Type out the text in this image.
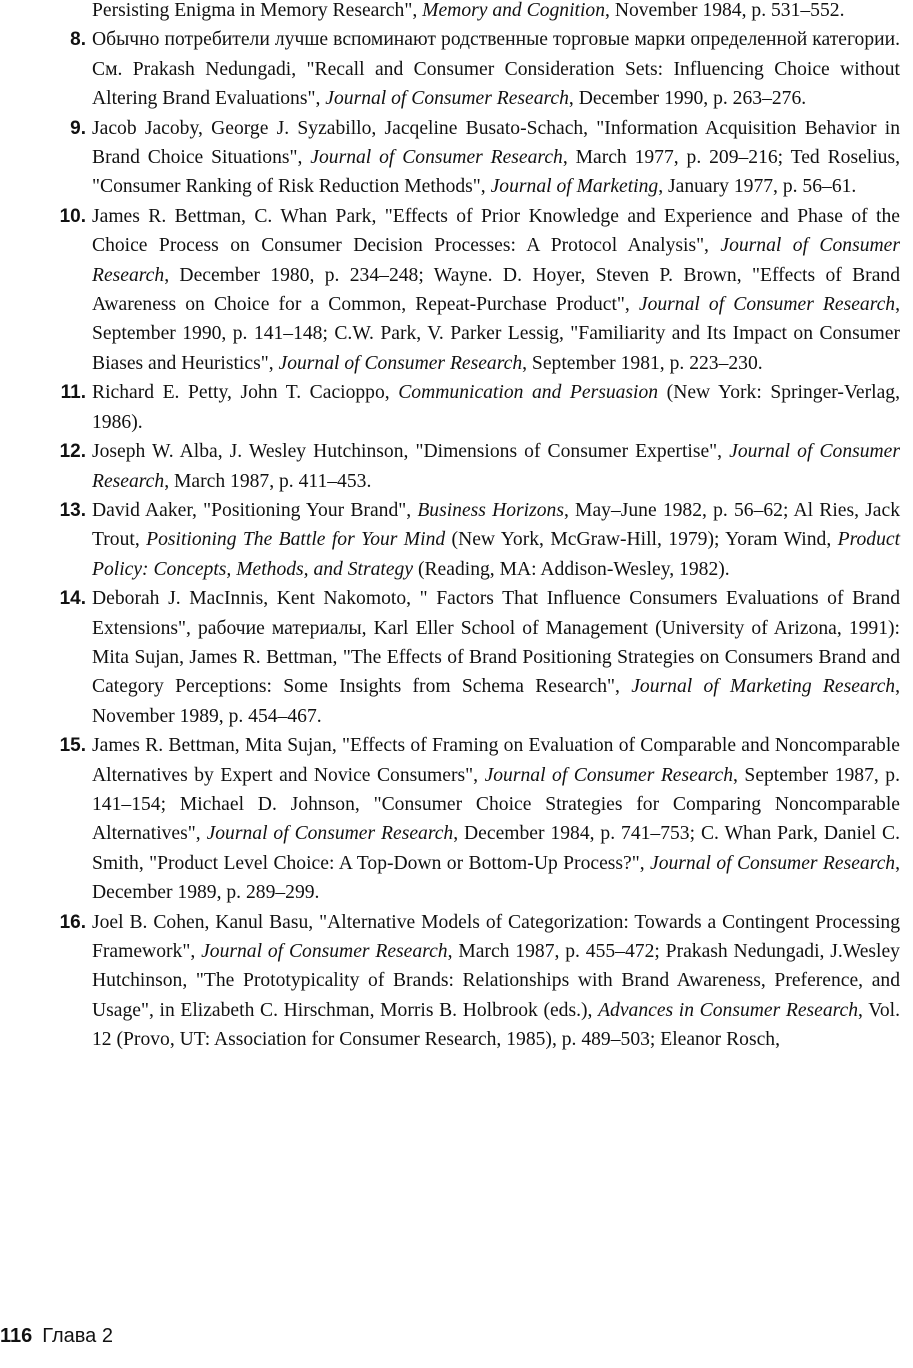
Persisting Enigma in Memory Research", Memory and Cognition, November 1984, p. 531–552.
8. Обычно потребители лучше вспоминают родственные торговые марки определенной категории. См. Prakash Nedungadi, "Recall and Consumer Consideration Sets: Influencing Choice without Altering Brand Evaluations", Journal of Consumer Research, December 1990, p. 263–276.
9. Jacob Jacoby, George J. Syzabillo, Jacqeline Busato-Schach, "Information Acquisition Behavior in Brand Choice Situations", Journal of Consumer Research, March 1977, p. 209–216; Ted Roselius, "Consumer Ranking of Risk Reduction Methods", Journal of Marketing, January 1977, p. 56–61.
10. James R. Bettman, C. Whan Park, "Effects of Prior Knowledge and Experience and Phase of the Choice Process on Consumer Decision Processes: A Protocol Analysis", Journal of Consumer Research, December 1980, p. 234–248; Wayne. D. Hoyer, Steven P. Brown, "Effects of Brand Awareness on Choice for a Common, Repeat-Purchase Product", Journal of Consumer Research, September 1990, p. 141–148; C.W. Park, V. Parker Lessig, "Familiarity and Its Impact on Consumer Biases and Heuristics", Journal of Consumer Research, September 1981, p. 223–230.
11. Richard E. Petty, John T. Cacioppo, Communication and Persuasion (New York: Springer-Verlag, 1986).
12. Joseph W. Alba, J. Wesley Hutchinson, "Dimensions of Consumer Expertise", Journal of Consumer Research, March 1987, p. 411–453.
13. David Aaker, "Positioning Your Brand", Business Horizons, May–June 1982, p. 56–62; Al Ries, Jack Trout, Positioning The Battle for Your Mind (New York, McGraw-Hill, 1979); Yoram Wind, Product Policy: Concepts, Methods, and Strategy (Reading, MA: Addison-Wesley, 1982).
14. Deborah J. MacInnis, Kent Nakomoto, " Factors That Influence Consumers Evaluations of Brand Extensions", рабочие материалы, Karl Eller School of Management (University of Arizona, 1991): Mita Sujan, James R. Bettman, "The Effects of Brand Positioning Strategies on Consumers Brand and Category Perceptions: Some Insights from Schema Research", Journal of Marketing Research, November 1989, p. 454–467.
15. James R. Bettman, Mita Sujan, "Effects of Framing on Evaluation of Comparable and Noncomparable Alternatives by Expert and Novice Consumers", Journal of Consumer Research, September 1987, p. 141–154; Michael D. Johnson, "Consumer Choice Strategies for Comparing Noncomparable Alternatives", Journal of Consumer Research, December 1984, p. 741–753; C. Whan Park, Daniel C. Smith, "Product Level Choice: A Top-Down or Bottom-Up Process?", Journal of Consumer Research, December 1989, p. 289–299.
16. Joel B. Cohen, Kanul Basu, "Alternative Models of Categorization: Towards a Contingent Processing Framework", Journal of Consumer Research, March 1987, p. 455–472; Prakash Nedungadi, J.Wesley Hutchinson, "The Prototypicality of Brands: Relationships with Brand Awareness, Preference, and Usage", in Elizabeth C. Hirschman, Morris B. Holbrook (eds.), Advances in Consumer Research, Vol. 12 (Provo, UT: Association for Consumer Research, 1985), p. 489–503; Eleanor Rosch,
116 Глава 2
